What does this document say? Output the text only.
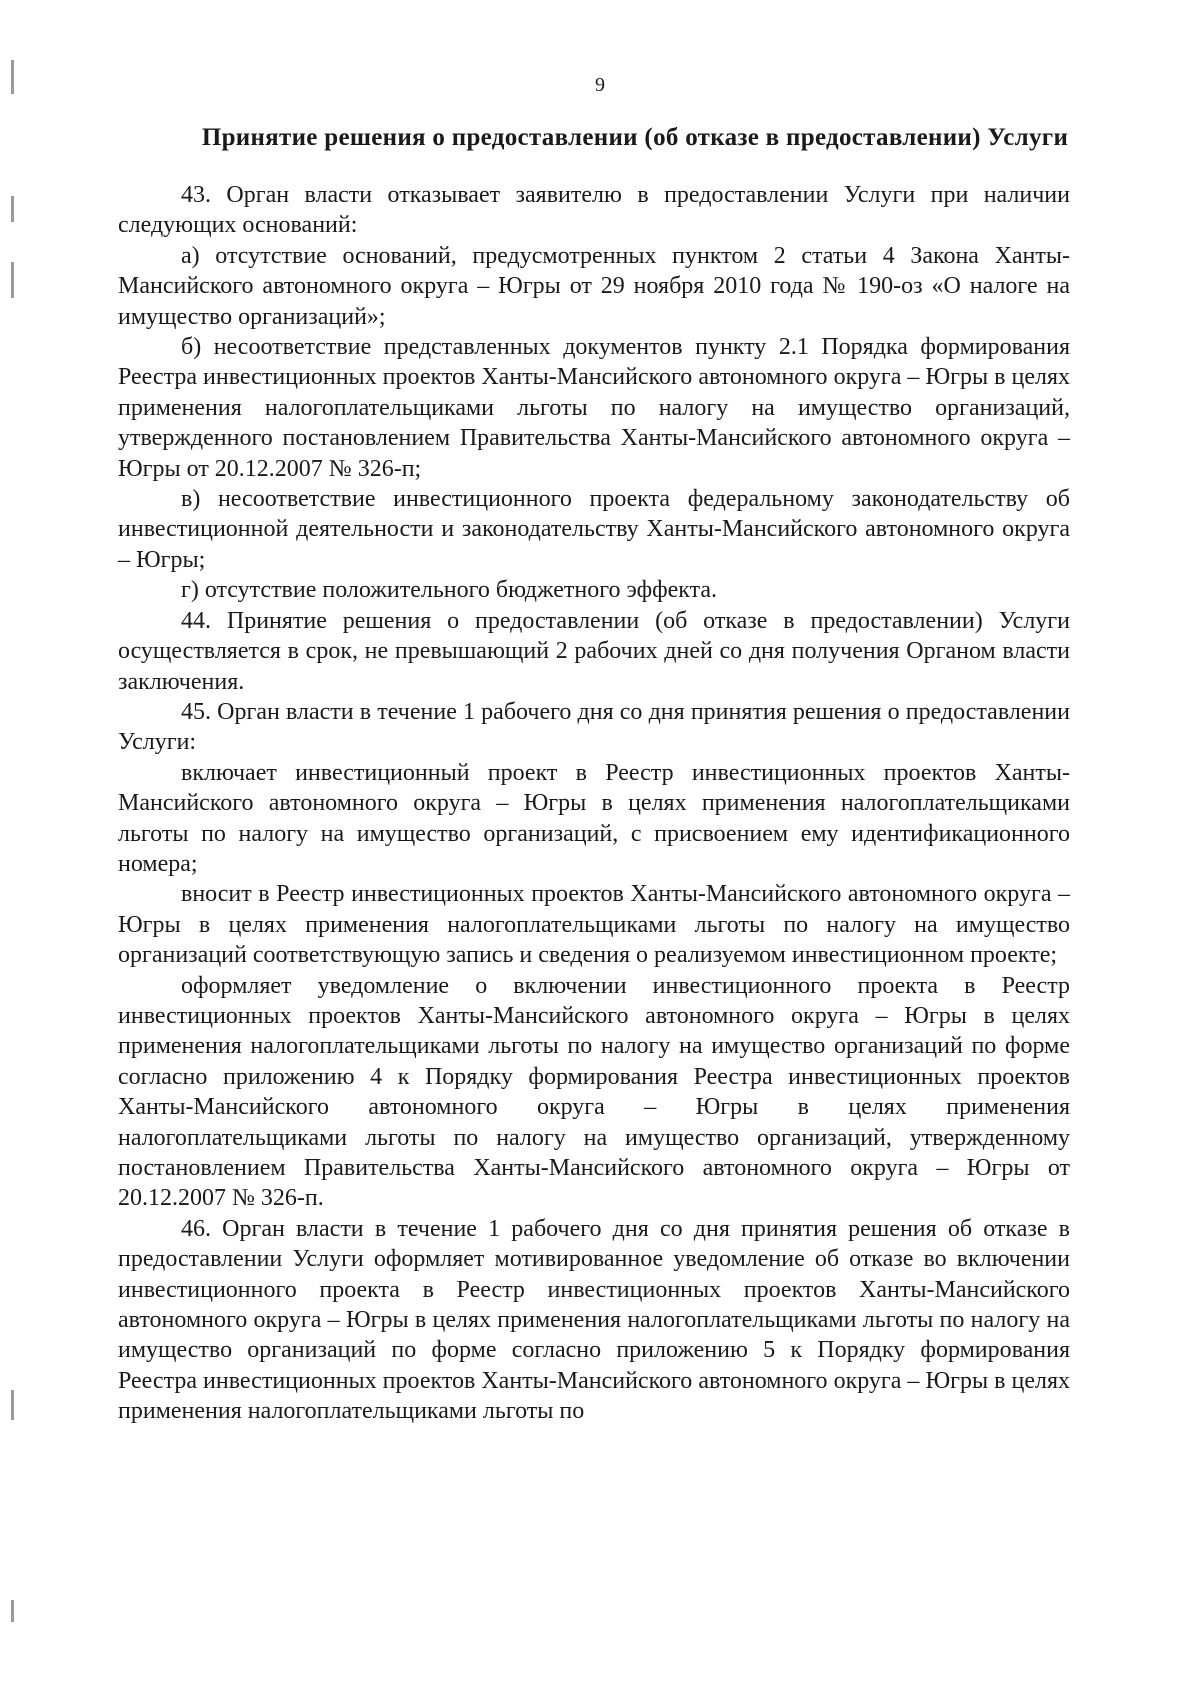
9
Принятие решения о предоставлении (об отказе в предоставлении) Услуги

43. Орган власти отказывает заявителю в предоставлении Услуги при наличии следующих оснований:

а) отсутствие оснований, предусмотренных пунктом 2 статьи 4 Закона Ханты-Мансийского автономного округа – Югры от 29 ноября 2010 года № 190-оз «О налоге на имущество организаций»;

б) несоответствие представленных документов пункту 2.1 Порядка формирования Реестра инвестиционных проектов Ханты-Мансийского автономного округа – Югры в целях применения налогоплательщиками льготы по налогу на имущество организаций, утвержденного постановлением Правительства Ханты-Мансийского автономного округа – Югры от 20.12.2007 № 326-п;

в) несоответствие инвестиционного проекта федеральному законодательству об инвестиционной деятельности и законодательству Ханты-Мансийского автономного округа – Югры;

г) отсутствие положительного бюджетного эффекта.

44. Принятие решения о предоставлении (об отказе в предоставлении) Услуги осуществляется в срок, не превышающий 2 рабочих дней со дня получения Органом власти заключения.

45. Орган власти в течение 1 рабочего дня со дня принятия решения о предоставлении Услуги:

включает инвестиционный проект в Реестр инвестиционных проектов Ханты-Мансийского автономного округа – Югры в целях применения налогоплательщиками льготы по налогу на имущество организаций, с присвоением ему идентификационного номера;

вносит в Реестр инвестиционных проектов Ханты-Мансийского автономного округа – Югры в целях применения налогоплательщиками льготы по налогу на имущество организаций соответствующую запись и сведения о реализуемом инвестиционном проекте;

оформляет уведомление о включении инвестиционного проекта в Реестр инвестиционных проектов Ханты-Мансийского автономного округа – Югры в целях применения налогоплательщиками льготы по налогу на имущество организаций по форме согласно приложению 4 к Порядку формирования Реестра инвестиционных проектов Ханты-Мансийского автономного округа – Югры в целях применения налогоплательщиками льготы по налогу на имущество организаций, утвержденному постановлением Правительства Ханты-Мансийского автономного округа – Югры от 20.12.2007 № 326-п.

46. Орган власти в течение 1 рабочего дня со дня принятия решения об отказе в предоставлении Услуги оформляет мотивированное уведомление об отказе во включении инвестиционного проекта в Реестр инвестиционных проектов Ханты-Мансийского автономного округа – Югры в целях применения налогоплательщиками льготы по налогу на имущество организаций по форме согласно приложению 5 к Порядку формирования Реестра инвестиционных проектов Ханты-Мансийского автономного округа – Югры в целях применения налогоплательщиками льготы по
